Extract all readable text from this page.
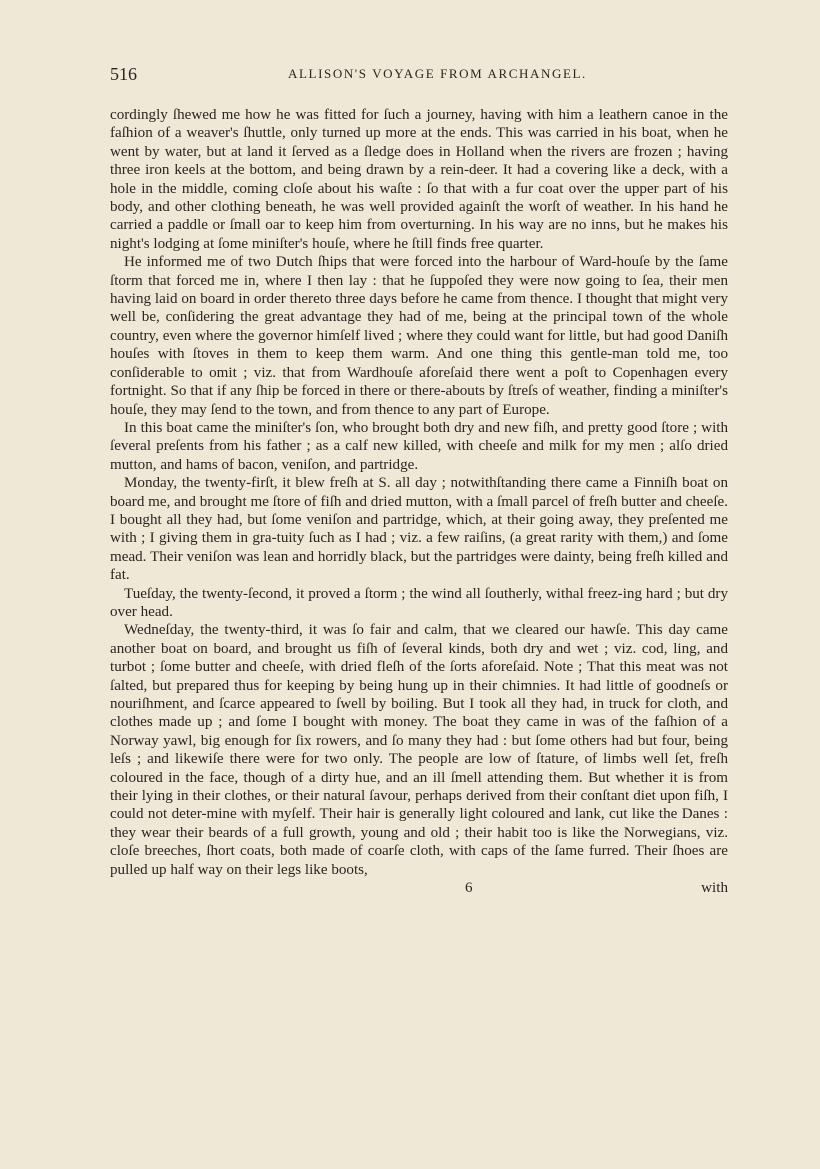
516	ALLISON'S VOYAGE FROM ARCHANGEL.

cordingly ſhewed me how he was fitted for ſuch a journey, having with him a leathern canoe in the faſhion of a weaver's ſhuttle, only turned up more at the ends. This was carried in his boat, when he went by water, but at land it ſerved as a ſledge does in Holland when the rivers are frozen ; having three iron keels at the bottom, and being drawn by a rein-deer. It had a covering like a deck, with a hole in the middle, coming cloſe about his waſte : ſo that with a fur coat over the upper part of his body, and other clothing beneath, he was well provided againſt the worſt of weather. In his hand he carried a paddle or ſmall oar to keep him from overturning. In his way are no inns, but he makes his night's lodging at ſome miniſter's houſe, where he ſtill finds free quarter.

He informed me of two Dutch ſhips that were forced into the harbour of Ward-houſe by the ſame ſtorm that forced me in, where I then lay : that he ſuppoſed they were now going to ſea, their men having laid on board in order thereto three days before he came from thence. I thought that might very well be, conſidering the great advantage they had of me, being at the principal town of the whole country, even where the governor himſelf lived ; where they could want for little, but had good Daniſh houſes with ſtoves in them to keep them warm. And one thing this gentle-man told me, too conſiderable to omit ; viz. that from Wardhouſe aforeſaid there went a poſt to Copenhagen every fortnight. So that if any ſhip be forced in there or there-abouts by ſtreſs of weather, finding a miniſter's houſe, they may ſend to the town, and from thence to any part of Europe.

In this boat came the miniſter's ſon, who brought both dry and new fiſh, and pretty good ſtore ; with ſeveral preſents from his father ; as a calf new killed, with cheeſe and milk for my men ; alſo dried mutton, and hams of bacon, veniſon, and partridge.

Monday, the twenty-firſt, it blew freſh at S. all day ; notwithſtanding there came a Finniſh boat on board me, and brought me ſtore of fiſh and dried mutton, with a ſmall parcel of freſh butter and cheeſe. I bought all they had, but ſome veniſon and partridge, which, at their going away, they preſented me with ; I giving them in gra-tuity ſuch as I had ; viz. a few raiſins, (a great rarity with them,) and ſome mead. Their veniſon was lean and horridly black, but the partridges were dainty, being freſh killed and fat.

Tueſday, the twenty-ſecond, it proved a ſtorm ; the wind all ſoutherly, withal freez-ing hard ; but dry over head.

Wedneſday, the twenty-third, it was ſo fair and calm, that we cleared our hawſe. This day came another boat on board, and brought us fiſh of ſeveral kinds, both dry and wet ; viz. cod, ling, and turbot ; ſome butter and cheeſe, with dried fleſh of the ſorts aforeſaid. Note ; That this meat was not ſalted, but prepared thus for keeping by being hung up in their chimnies. It had little of goodneſs or nouriſhment, and ſcarce appeared to ſwell by boiling. But I took all they had, in truck for cloth, and clothes made up ; and ſome I bought with money. The boat they came in was of the faſhion of a Norway yawl, big enough for ſix rowers, and ſo many they had : but ſome others had but four, being leſs ; and likewiſe there were for two only. The people are low of ſtature, of limbs well ſet, freſh coloured in the face, though of a dirty hue, and an ill ſmell attending them. But whether it is from their lying in their clothes, or their natural ſavour, perhaps derived from their conſtant diet upon fiſh, I could not deter-mine with myſelf. Their hair is generally light coloured and lank, cut like the Danes : they wear their beards of a full growth, young and old ; their habit too is like the Norwegians, viz. cloſe breeches, ſhort coats, both made of coarſe cloth, with caps of the ſame furred. Their ſhoes are pulled up half way on their legs like boots,

6	with
